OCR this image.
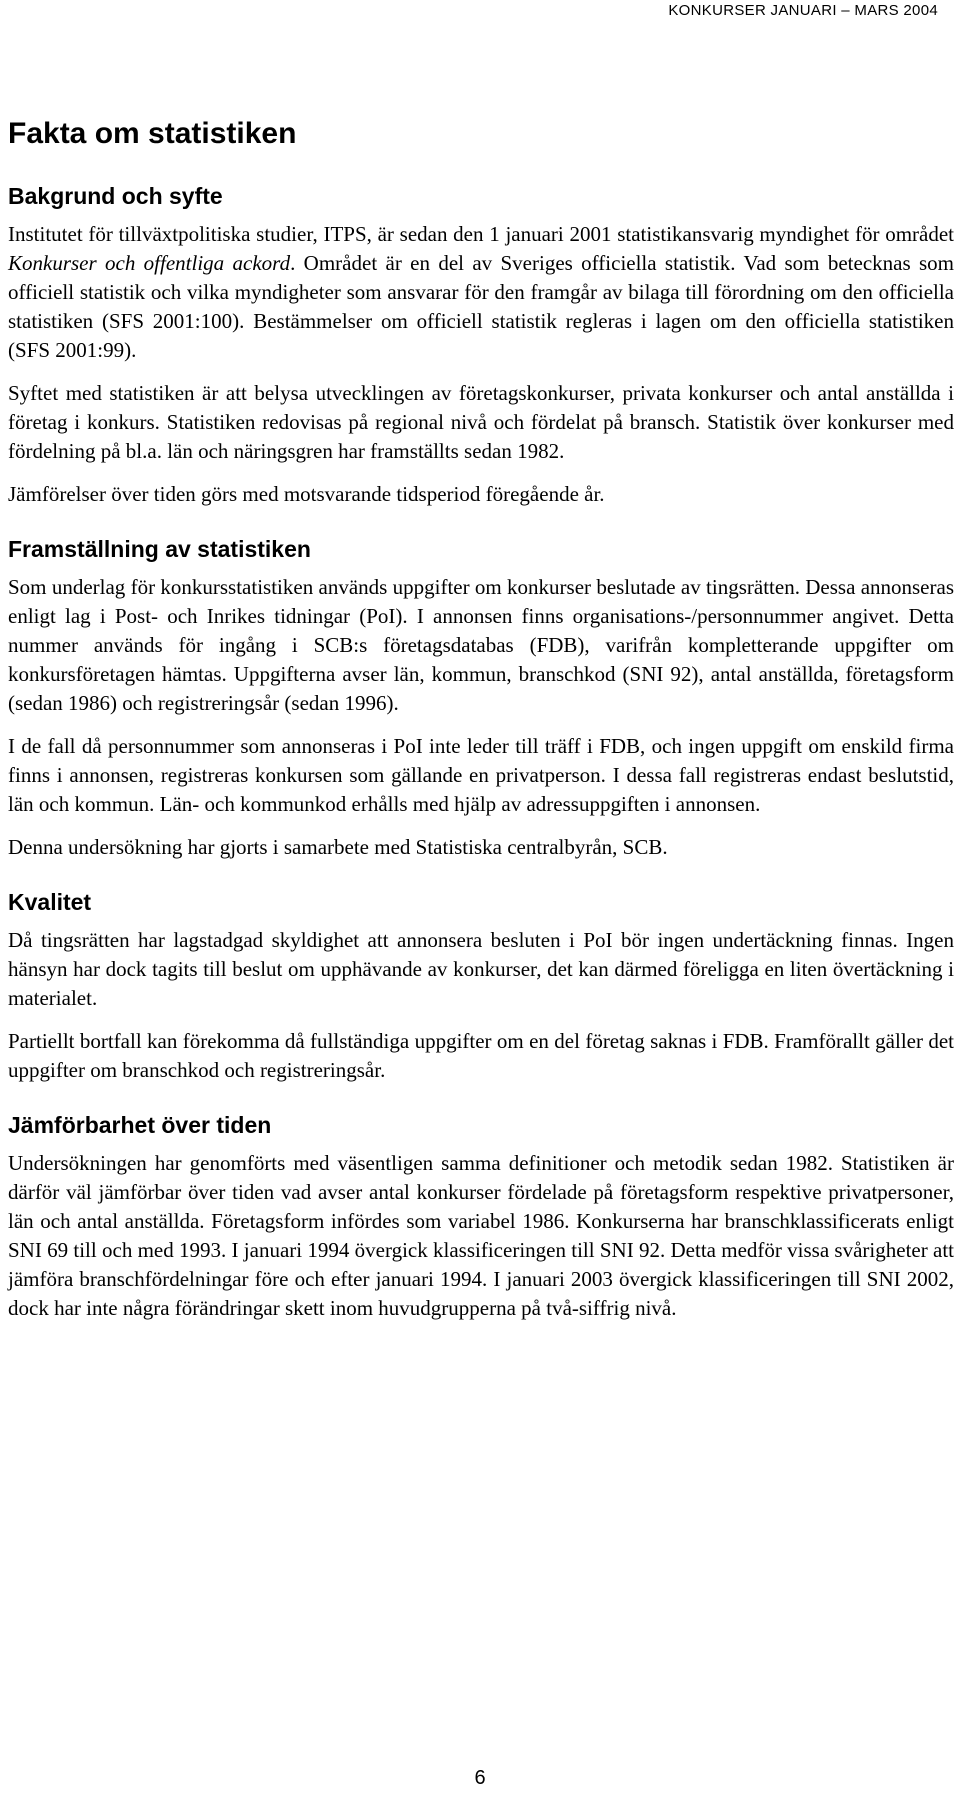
KONKURSER JANUARI – MARS 2004
Fakta om statistiken
Bakgrund och syfte

Institutet för tillväxtpolitiska studier, ITPS, är sedan den 1 januari 2001 statistikansvarig myndighet för området Konkurser och offentliga ackord. Området är en del av Sveriges officiella statistik. Vad som betecknas som officiell statistik och vilka myndigheter som ansvarar för den framgår av bilaga till förordning om den officiella statistiken (SFS 2001:100). Bestämmelser om officiell statistik regleras i lagen om den officiella statistiken (SFS 2001:99).

Syftet med statistiken är att belysa utvecklingen av företagskonkurser, privata konkurser och antal anställda i företag i konkurs. Statistiken redovisas på regional nivå och fördelat på bransch. Statistik över konkurser med fördelning på bl.a. län och näringsgren har framställts sedan 1982.

Jämförelser över tiden görs med motsvarande tidsperiod föregående år.

Framställning av statistiken

Som underlag för konkursstatistiken används uppgifter om konkurser beslutade av tingsrätten. Dessa annonseras enligt lag i Post- och Inrikes tidningar (PoI). I annonsen finns organisations-/personnummer angivet. Detta nummer används för ingång i SCB:s företagsdatabas (FDB), varifrån kompletterande uppgifter om konkursföretagen hämtas. Uppgifterna avser län, kommun, branschkod (SNI 92), antal anställda, företagsform (sedan 1986) och registreringsår (sedan 1996).

I de fall då personnummer som annonseras i PoI inte leder till träff i FDB, och ingen uppgift om enskild firma finns i annonsen, registreras konkursen som gällande en privatperson. I dessa fall registreras endast beslutstid, län och kommun. Län- och kommunkod erhålls med hjälp av adressuppgiften i annonsen.

Denna undersökning har gjorts i samarbete med Statistiska centralbyrån, SCB.

Kvalitet

Då tingsrätten har lagstadgad skyldighet att annonsera besluten i PoI bör ingen undertäckning finnas. Ingen hänsyn har dock tagits till beslut om upphävande av konkurser, det kan därmed föreligga en liten övertäckning i materialet.

Partiellt bortfall kan förekomma då fullständiga uppgifter om en del företag saknas i FDB. Framförallt gäller det uppgifter om branschkod och registreringsår.

Jämförbarhet över tiden

Undersökningen har genomförts med väsentligen samma definitioner och metodik sedan 1982. Statistiken är därför väl jämförbar över tiden vad avser antal konkurser fördelade på företagsform respektive privatpersoner, län och antal anställda. Företagsform infördes som variabel 1986. Konkurserna har branschklassificerats enligt SNI 69 till och med 1993. I januari 1994 övergick klassificeringen till SNI 92. Detta medför vissa svårigheter att jämföra branschfördelningar före och efter januari 1994. I januari 2003 övergick klassificeringen till SNI 2002, dock har inte några förändringar skett inom huvudgrupperna på två-siffrig nivå.

6
